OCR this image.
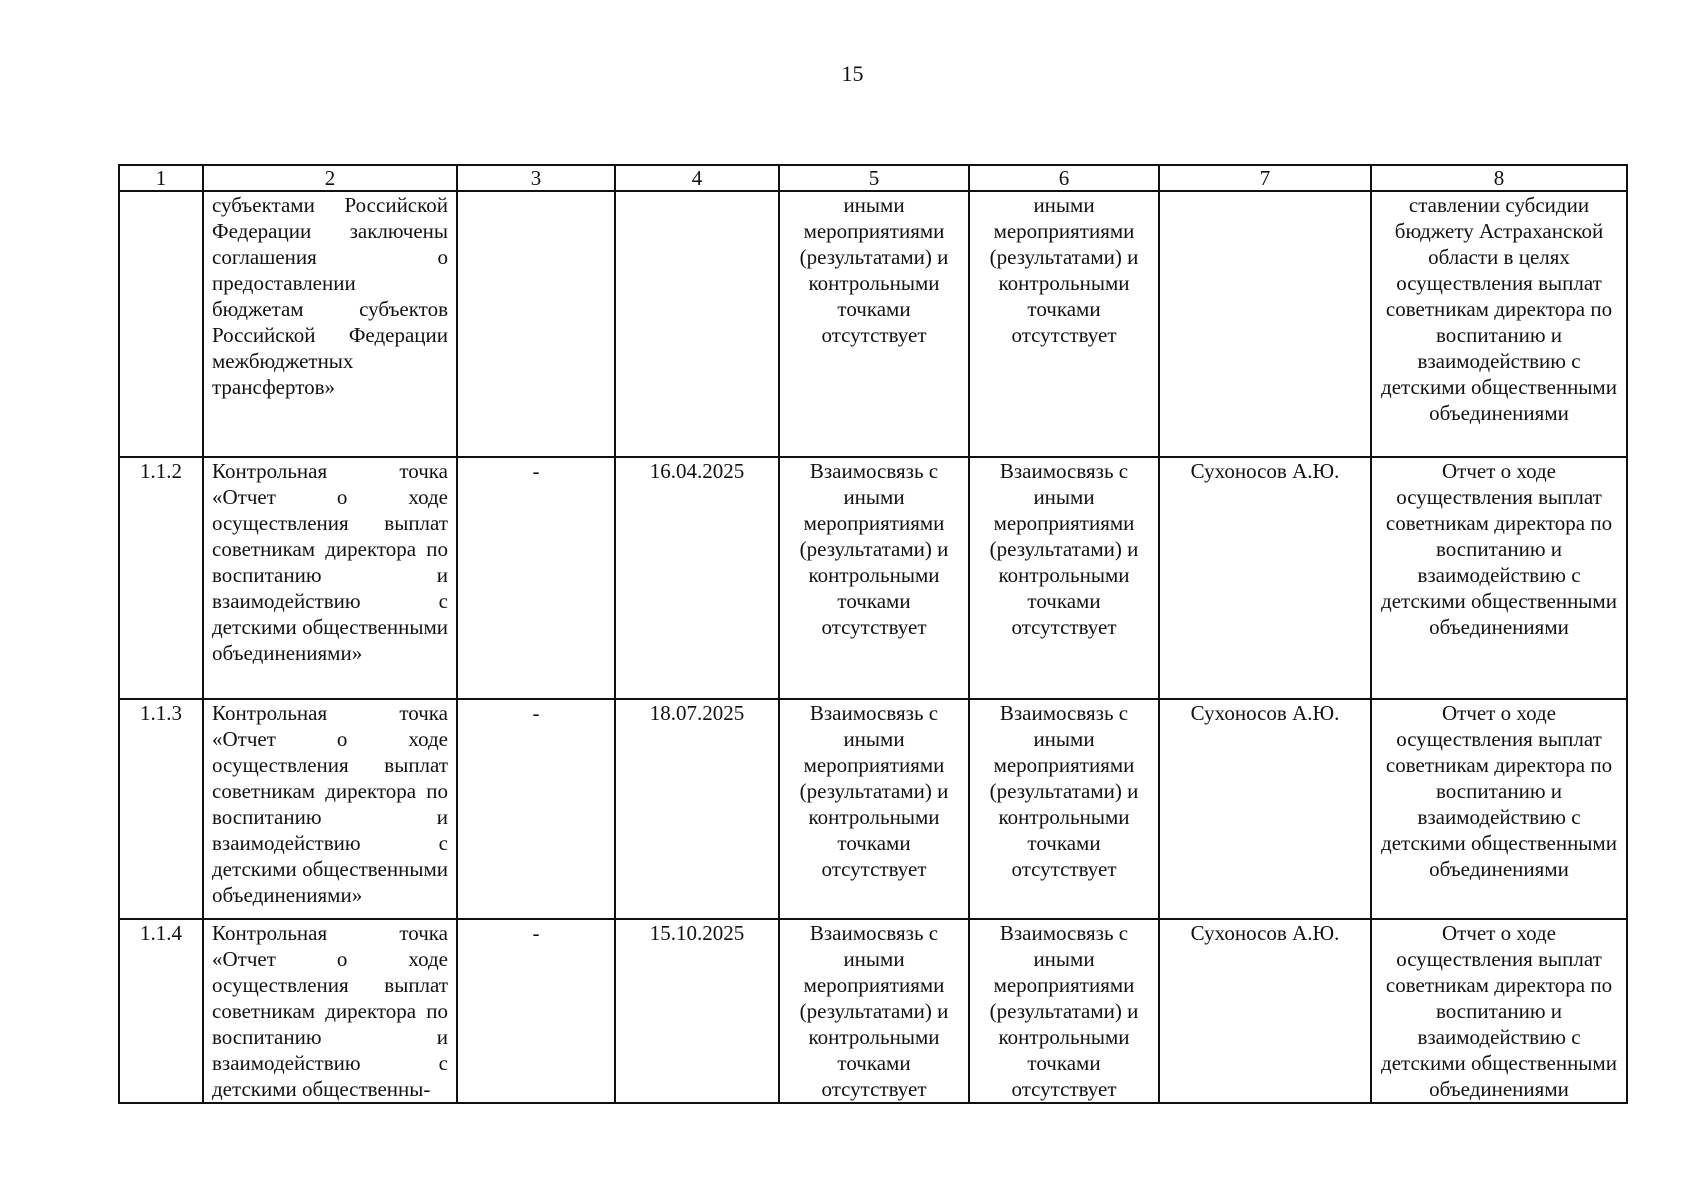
15
1	2	3	4	5	6	7	8
	субъектами Российской Федерации заключены соглашения о предоставлении бюджетам субъектов Российской Федерации межбюджетных трансфертов»			иными мероприятиями (результатами) и контрольными точками отсутствует	иными мероприятиями (результатами) и контрольными точками отсутствует		ставлении субсидии бюджету Астраханской области в целях осуществления выплат советникам директора по воспитанию и взаимодействию с детскими общественными объединениями
1.1.2	Контрольная точка «Отчет о ходе осуществления выплат советникам директора по воспитанию и взаимодействию с детскими общественными объединениями»	-	16.04.2025	Взаимосвязь с иными мероприятиями (результатами) и контрольными точками отсутствует	Взаимосвязь с иными мероприятиями (результатами) и контрольными точками отсутствует	Сухоносов А.Ю.	Отчет о ходе осуществления выплат советникам директора по воспитанию и взаимодействию с детскими общественными объединениями
1.1.3	Контрольная точка «Отчет о ходе осуществления выплат советникам директора по воспитанию и взаимодействию с детскими общественными объединениями»	-	18.07.2025	Взаимосвязь с иными мероприятиями (результатами) и контрольными точками отсутствует	Взаимосвязь с иными мероприятиями (результатами) и контрольными точками отсутствует	Сухоносов А.Ю.	Отчет о ходе осуществления выплат советникам директора по воспитанию и взаимодействию с детскими общественными объединениями
1.1.4	Контрольная точка «Отчет о ходе осуществления выплат советникам директора по воспитанию и взаимодействию с детскими общественны-	-	15.10.2025	Взаимосвязь с иными мероприятиями (результатами) и контрольными точками отсутствует	Взаимосвязь с иными мероприятиями (результатами) и контрольными точками отсутствует	Сухоносов А.Ю.	Отчет о ходе осуществления выплат советникам директора по воспитанию и взаимодействию с детскими общественными объединениями
